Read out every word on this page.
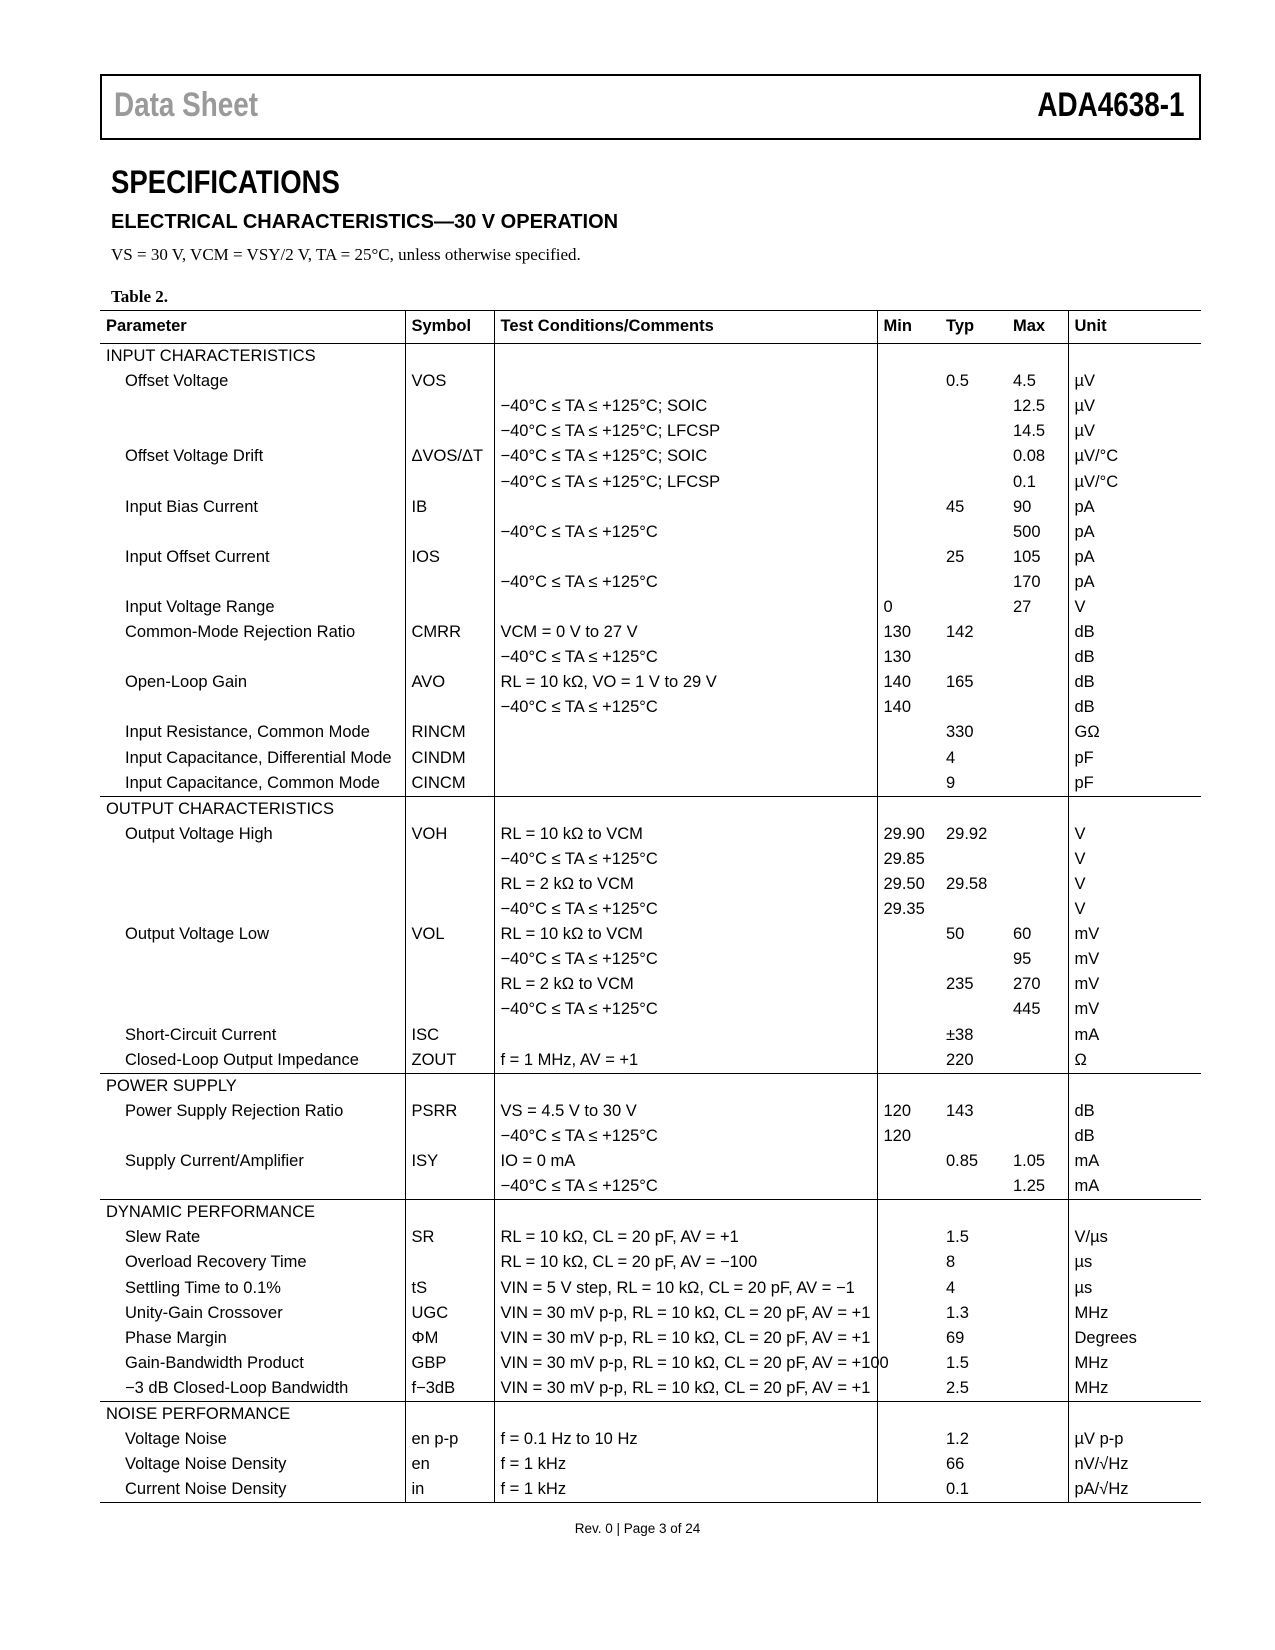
Data Sheet	ADA4638-1
SPECIFICATIONS
ELECTRICAL CHARACTERISTICS—30 V OPERATION
VS = 30 V, VCM = VSY/2 V, TA = 25°C, unless otherwise specified.
Table 2.
Parameter	Symbol	Test Conditions/Comments	Min	Typ	Max	Unit
INPUT CHARACTERISTICS						
Offset Voltage	VOS			0.5	4.5	µV
		−40°C ≤ TA ≤ +125°C; SOIC			12.5	µV
		−40°C ≤ TA ≤ +125°C; LFCSP			14.5	µV
Offset Voltage Drift	ΔVOS/ΔT	−40°C ≤ TA ≤ +125°C; SOIC			0.08	µV/°C
		−40°C ≤ TA ≤ +125°C; LFCSP			0.1	µV/°C
Input Bias Current	IB			45	90	pA
		−40°C ≤ TA ≤ +125°C			500	pA
Input Offset Current	IOS			25	105	pA
		−40°C ≤ TA ≤ +125°C			170	pA
Input Voltage Range			0		27	V
Common-Mode Rejection Ratio	CMRR	VCM = 0 V to 27 V	130	142		dB
		−40°C ≤ TA ≤ +125°C	130			dB
Open-Loop Gain	AVO	RL = 10 kΩ, VO = 1 V to 29 V	140	165		dB
		−40°C ≤ TA ≤ +125°C	140			dB
Input Resistance, Common Mode	RINCM			330		GΩ
Input Capacitance, Differential Mode	CINDM			4		pF
Input Capacitance, Common Mode	CINCM			9		pF
OUTPUT CHARACTERISTICS						
Output Voltage High	VOH	RL = 10 kΩ to VCM	29.90	29.92		V
		−40°C ≤ TA ≤ +125°C	29.85			V
		RL = 2 kΩ to VCM	29.50	29.58		V
		−40°C ≤ TA ≤ +125°C	29.35			V
Output Voltage Low	VOL	RL = 10 kΩ to VCM		50	60	mV
		−40°C ≤ TA ≤ +125°C			95	mV
		RL = 2 kΩ to VCM		235	270	mV
		−40°C ≤ TA ≤ +125°C			445	mV
Short-Circuit Current	ISC			±38		mA
Closed-Loop Output Impedance	ZOUT	f = 1 MHz, AV = +1		220		Ω
POWER SUPPLY						
Power Supply Rejection Ratio	PSRR	VS = 4.5 V to 30 V	120	143		dB
		−40°C ≤ TA ≤ +125°C	120			dB
Supply Current/Amplifier	ISY	IO = 0 mA		0.85	1.05	mA
		−40°C ≤ TA ≤ +125°C			1.25	mA
DYNAMIC PERFORMANCE						
Slew Rate	SR	RL = 10 kΩ, CL = 20 pF, AV = +1		1.5		V/µs
Overload Recovery Time		RL = 10 kΩ, CL = 20 pF, AV = −100		8		µs
Settling Time to 0.1%	tS	VIN = 5 V step, RL = 10 kΩ, CL = 20 pF, AV = −1		4		µs
Unity-Gain Crossover	UGC	VIN = 30 mV p-p, RL = 10 kΩ, CL = 20 pF, AV = +1		1.3		MHz
Phase Margin	ΦM	VIN = 30 mV p-p, RL = 10 kΩ, CL = 20 pF, AV = +1		69		Degrees
Gain-Bandwidth Product	GBP	VIN = 30 mV p-p, RL = 10 kΩ, CL = 20 pF, AV = +100		1.5		MHz
−3 dB Closed-Loop Bandwidth	f−3dB	VIN = 30 mV p-p, RL = 10 kΩ, CL = 20 pF, AV = +1		2.5		MHz
NOISE PERFORMANCE						
Voltage Noise	en p-p	f = 0.1 Hz to 10 Hz		1.2		µV p-p
Voltage Noise Density	en	f = 1 kHz		66		nV/√Hz
Current Noise Density	in	f = 1 kHz		0.1		pA/√Hz
Rev. 0 | Page 3 of 24
